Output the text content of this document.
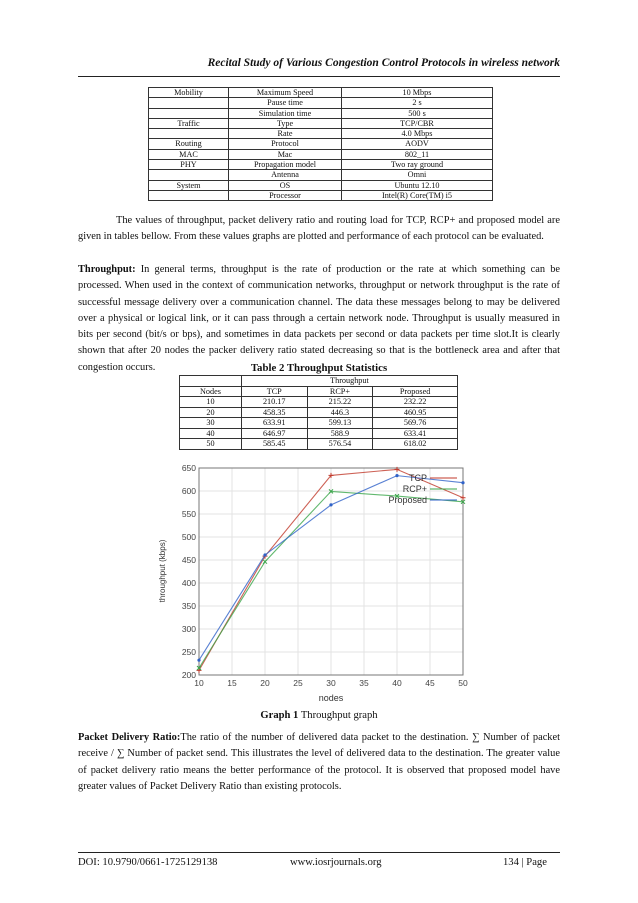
Recital Study of Various Congestion Control Protocols in wireless network
Mobility	Maximum Speed	10 Mbps
	Pause time	2 s
	Simulation time	500 s
Traffic	Type	TCP/CBR
	Rate	4.0 Mbps
Routing	Protocol	AODV
MAC	Mac	802_11
PHY	Propagation model	Two ray ground
	Antenna	Omni
System	OS	Ubuntu 12.10
	Processor	Intel(R) Core(TM) i5
The values of throughput, packet delivery ratio and routing load for TCP, RCP+ and proposed model are given in tables bellow. From these values graphs are plotted and performance of each protocol can be evaluated.
Throughput: In general terms, throughput is the rate of production or the rate at which something can be processed. When used in the context of communication networks, throughput or network throughput is the rate of successful message delivery over a communication channel. The data these messages belong to may be delivered over a physical or logical link, or it can pass through a certain network node. Throughput is usually measured in bits per second (bit/s or bps), and sometimes in data packets per second or data packets per time slot.It is clearly shown that after 20 nodes the packer delivery ratio stated decreasing so that is the bottleneck area and after that congestion occurs.	Table 2 Throughput Statistics
	Throughput		
Nodes	TCP	RCP+	Proposed
10	210.17	215.22	232.22
20	458.35	446.3	460.95
30	633.91	599.13	569.76
40	646.97	588.9	633.41
50	585.45	576.54	618.02
10	15	20	25	30	35	40	45	50
200
250
300
350
400
450
500
550
600
650
TCP
RCP+
Proposed
nodes
throughput (kbps)
Graph 1 Throughput graph
Packet Delivery Ratio:The ratio of the number of delivered data packet to the destination. ∑ Number of packet receive / ∑ Number of packet send. This illustrates the level of delivered data to the destination. The greater value of packet delivery ratio means the better performance of the protocol. It is observed that proposed model have greater values of Packet Delivery Ratio than existing protocols.
DOI: 10.9790/0661-1725129138	www.iosrjournals.org	134 | Page
